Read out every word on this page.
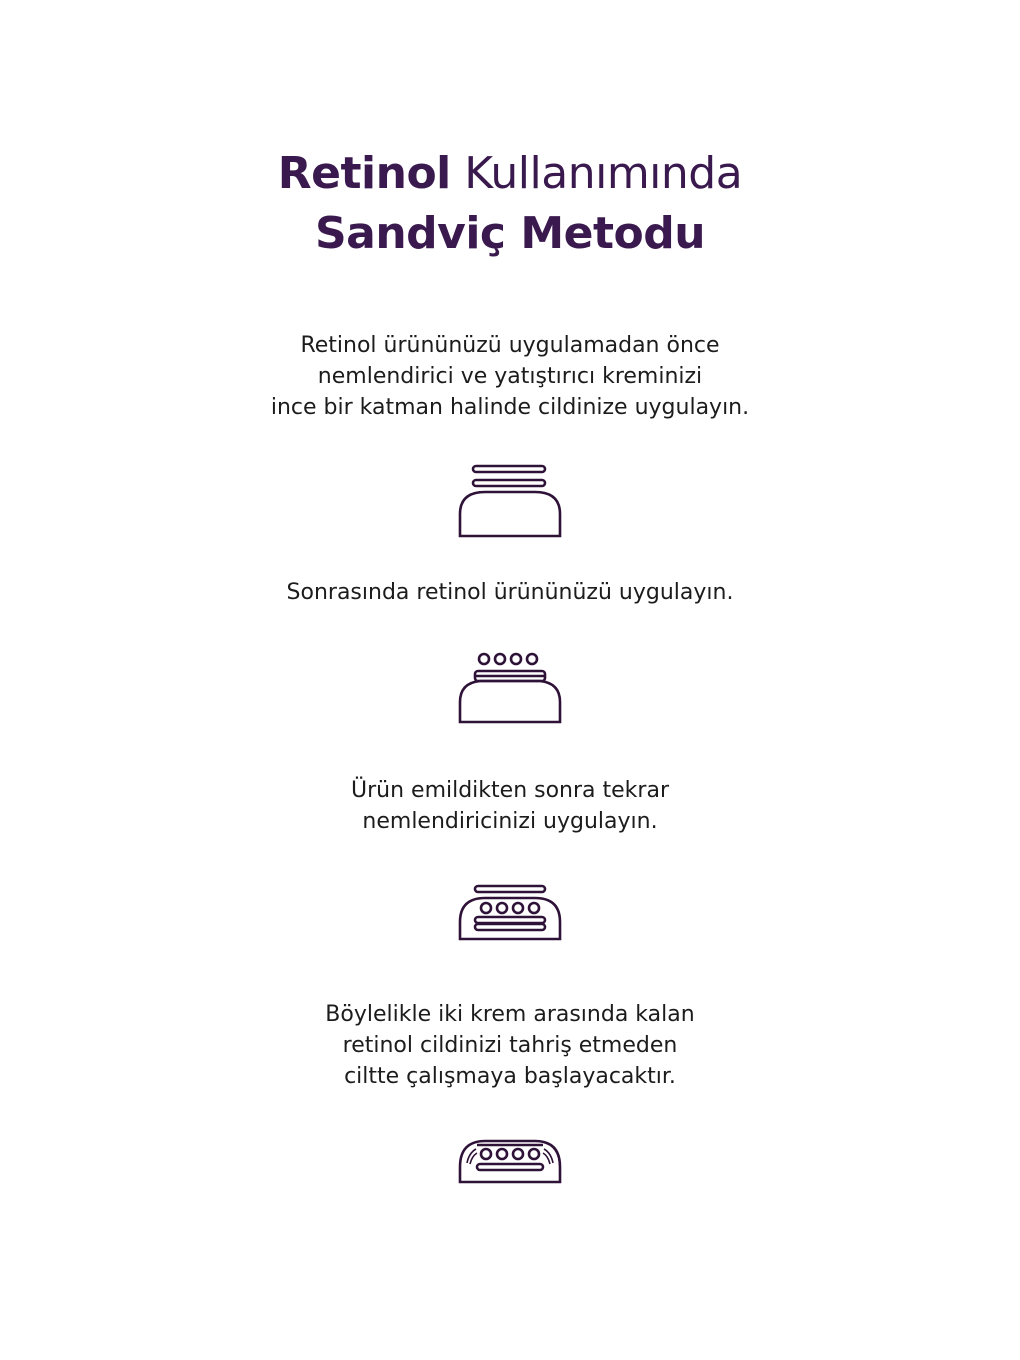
Retinol Kullanımında
Sandviç Metodu
Retinol ürününüzü uygulamadan önce
nemlendirici ve yatıştırıcı kreminizi
ince bir katman halinde cildinize uygulayın.
Sonrasında retinol ürününüzü uygulayın.
Ürün emildikten sonra tekrar
nemlendiricinizi uygulayın.
Böylelikle iki krem arasında kalan
retinol cildinizi tahriş etmeden
ciltte çalışmaya başlayacaktır.
